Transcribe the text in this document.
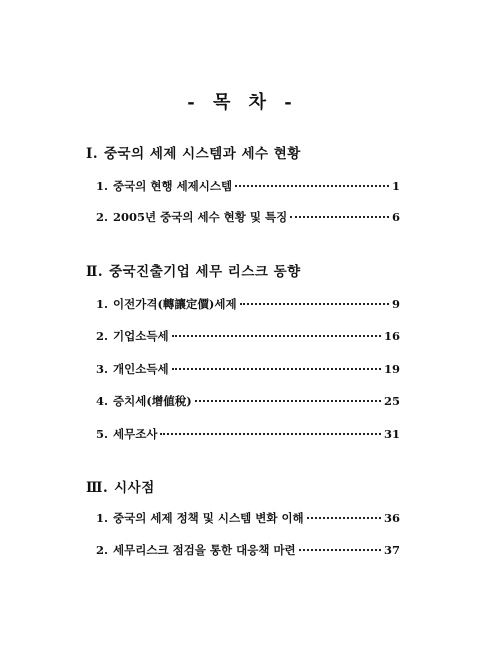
- 목 차 -
Ⅰ. 중국의 세제 시스템과 세수 현황
1. 중국의 현행 세제시스템	1
2. 2005년 중국의 세수 현황 및 특징	6
Ⅱ. 중국진출기업 세무 리스크 동향
1. 이전가격(轉讓定價)세제	9
2. 기업소득세	16
3. 개인소득세	19
4. 증치세(增値稅)	25
5. 세무조사	31
Ⅲ. 시사점
1. 중국의 세제 정책 및 시스템 변화 이해	36
2. 세무리스크 점검을 통한 대응책 마련	37
